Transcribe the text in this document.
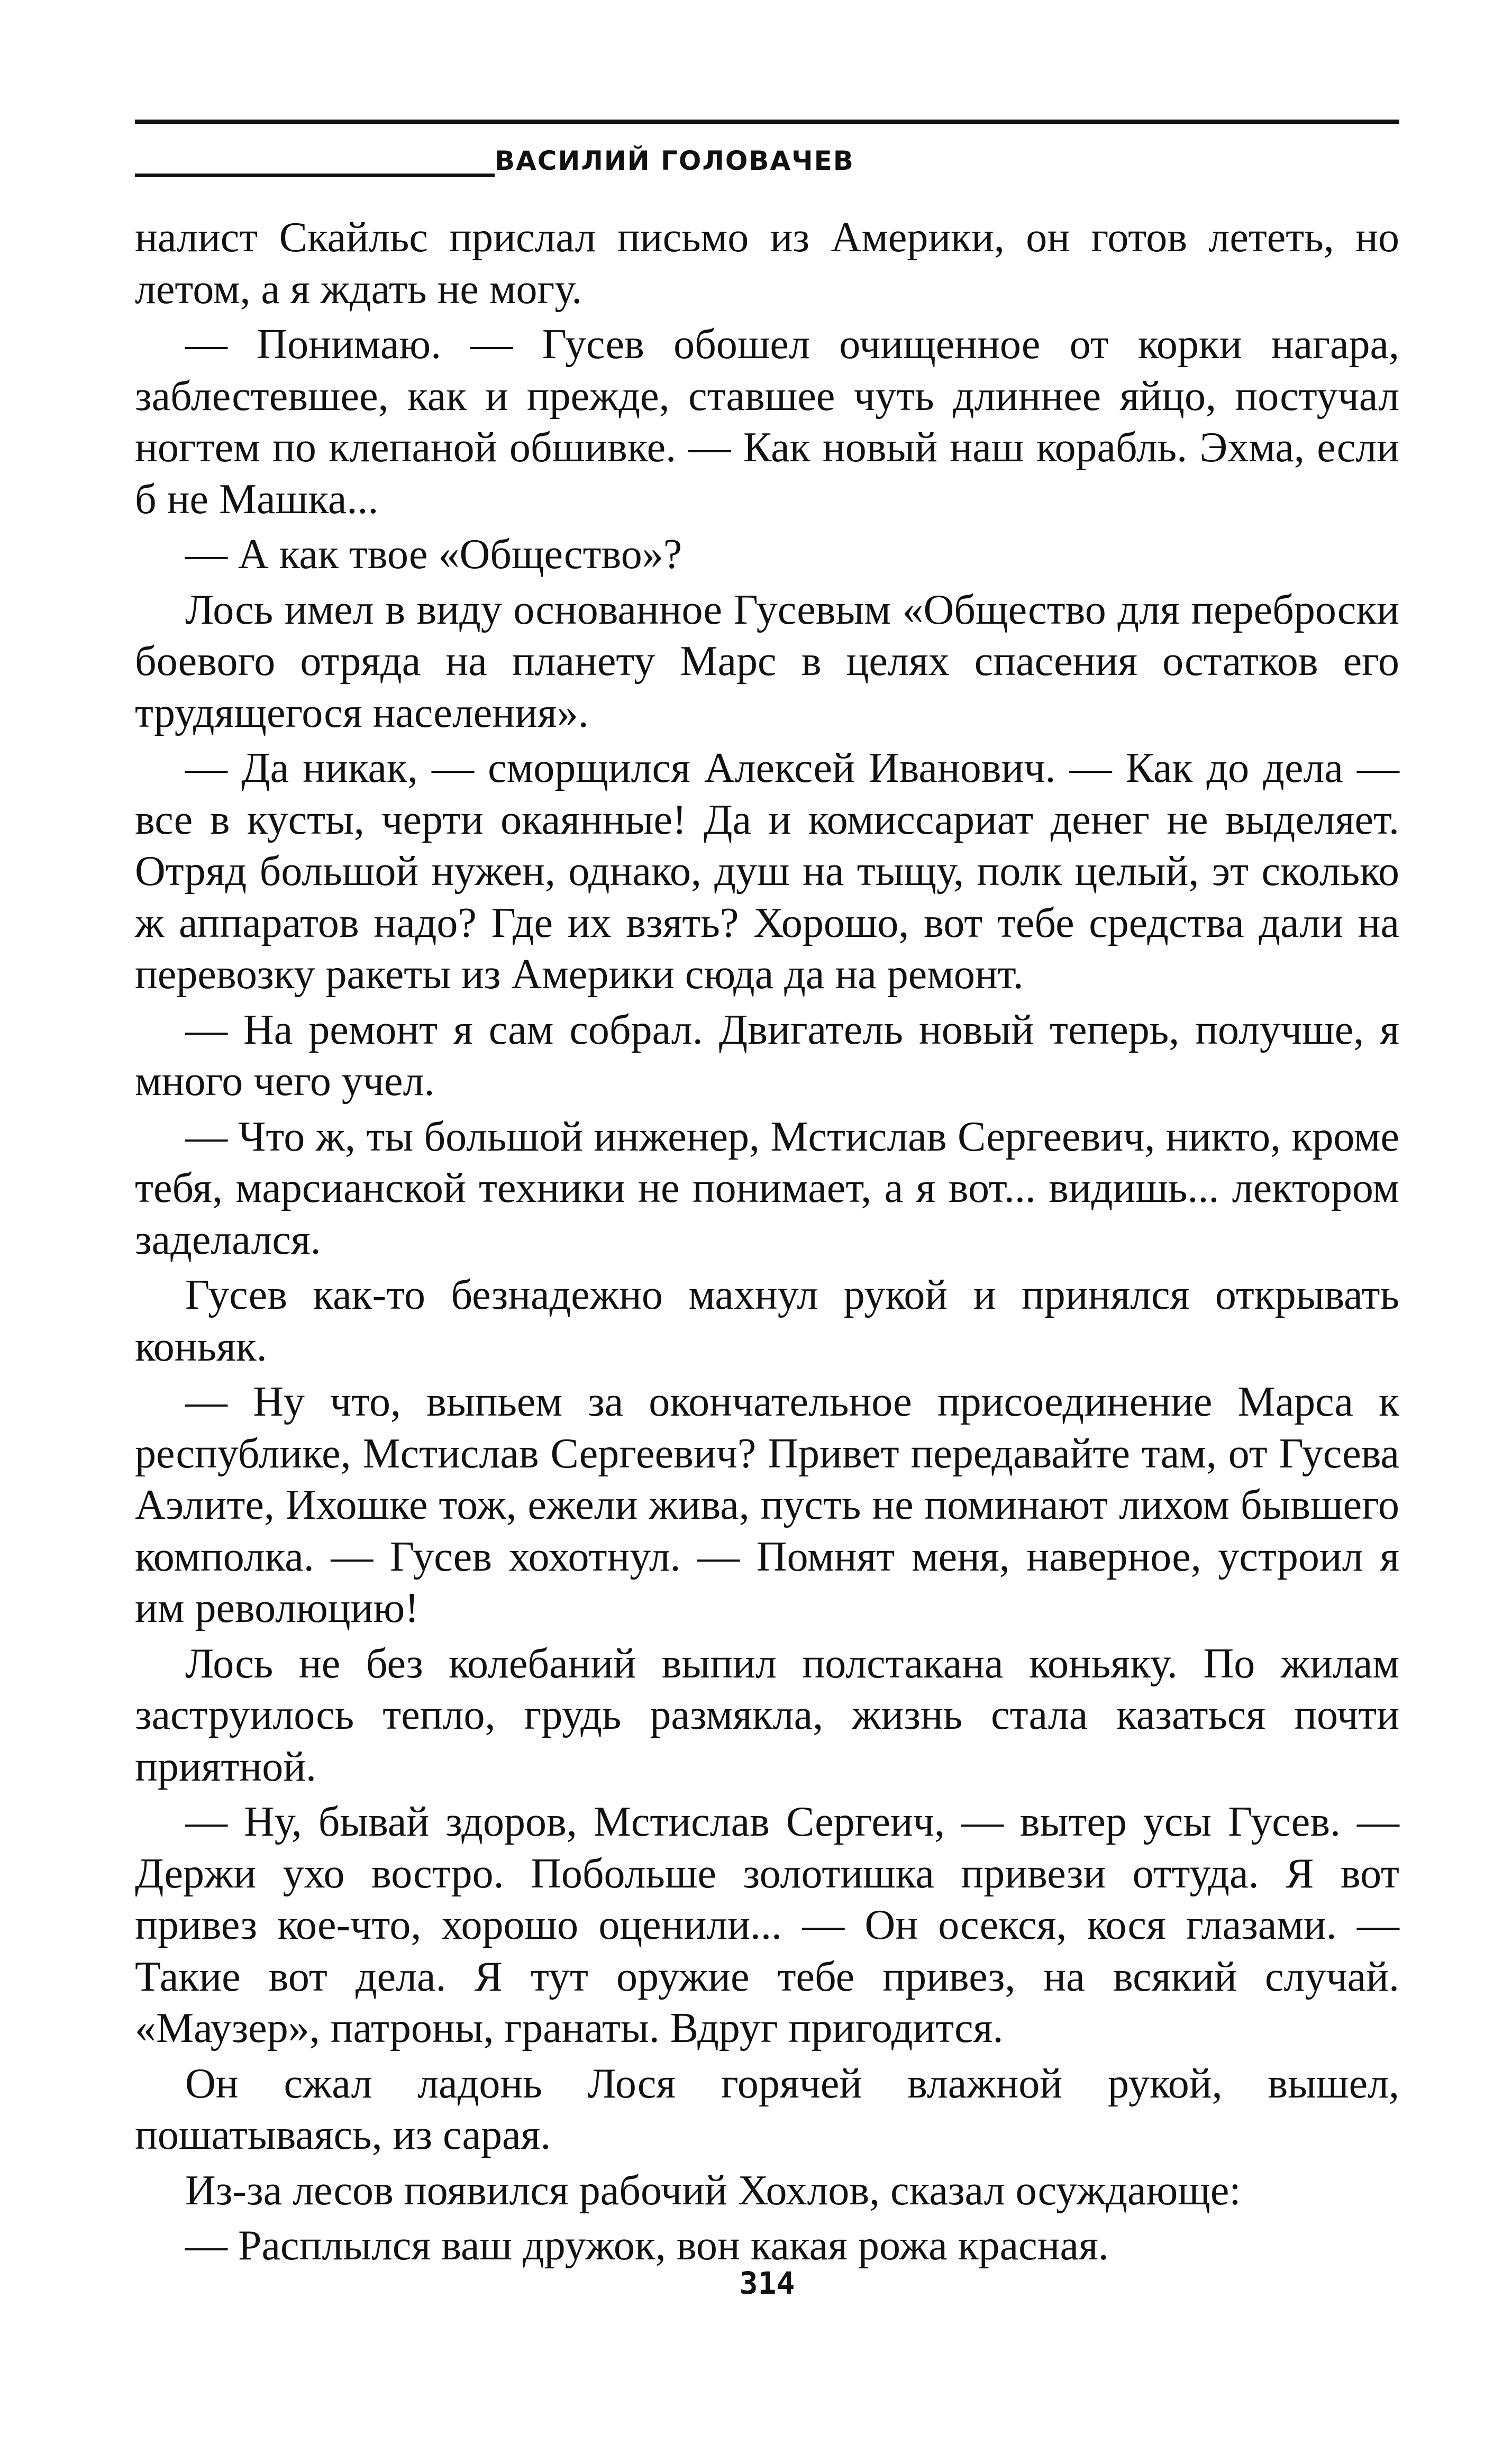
ВАСИЛИЙ ГОЛОВАЧЕВ

налист Скайльс прислал письмо из Америки, он готов лететь, но летом, а я ждать не могу.

— Понимаю. — Гусев обошел очищенное от корки нагара, заблестевшее, как и прежде, ставшее чуть длиннее яйцо, постучал ногтем по клепаной обшивке. — Как новый наш корабль. Эхма, если б не Машка...

— А как твое «Общество»?

Лось имел в виду основанное Гусевым «Общество для переброски боевого отряда на планету Марс в целях спасения остатков его трудящегося населения».

— Да никак, — сморщился Алексей Иванович. — Как до дела — все в кусты, черти окаянные! Да и комиссариат денег не выделяет. Отряд большой нужен, однако, душ на тыщу, полк целый, эт сколько ж аппаратов надо? Где их взять? Хорошо, вот тебе средства дали на перевозку ракеты из Америки сюда да на ремонт.

— На ремонт я сам собрал. Двигатель новый теперь, получше, я много чего учел.

— Что ж, ты большой инженер, Мстислав Сергеевич, никто, кроме тебя, марсианской техники не понимает, а я вот... видишь... лектором заделался.

Гусев как-то безнадежно махнул рукой и принялся открывать коньяк.

— Ну что, выпьем за окончательное присоединение Марса к республике, Мстислав Сергеевич? Привет передавайте там, от Гусева Аэлите, Ихошке тож, ежели жива, пусть не поминают лихом бывшего комполка. — Гусев хохотнул. — Помнят меня, наверное, устроил я им революцию!

Лось не без колебаний выпил полстакана коньяку. По жилам заструилось тепло, грудь размякла, жизнь стала казаться почти приятной.

— Ну, бывай здоров, Мстислав Сергеич, — вытер усы Гусев. — Держи ухо востро. Побольше золотишка привези оттуда. Я вот привез кое-что, хорошо оценили... — Он осекся, кося глазами. — Такие вот дела. Я тут оружие тебе привез, на всякий случай. «Маузер», патроны, гранаты. Вдруг пригодится.

Он сжал ладонь Лося горячей влажной рукой, вышел, пошатываясь, из сарая.

Из-за лесов появился рабочий Хохлов, сказал осуждающе:

— Расплылся ваш дружок, вон какая рожа красная.

314
